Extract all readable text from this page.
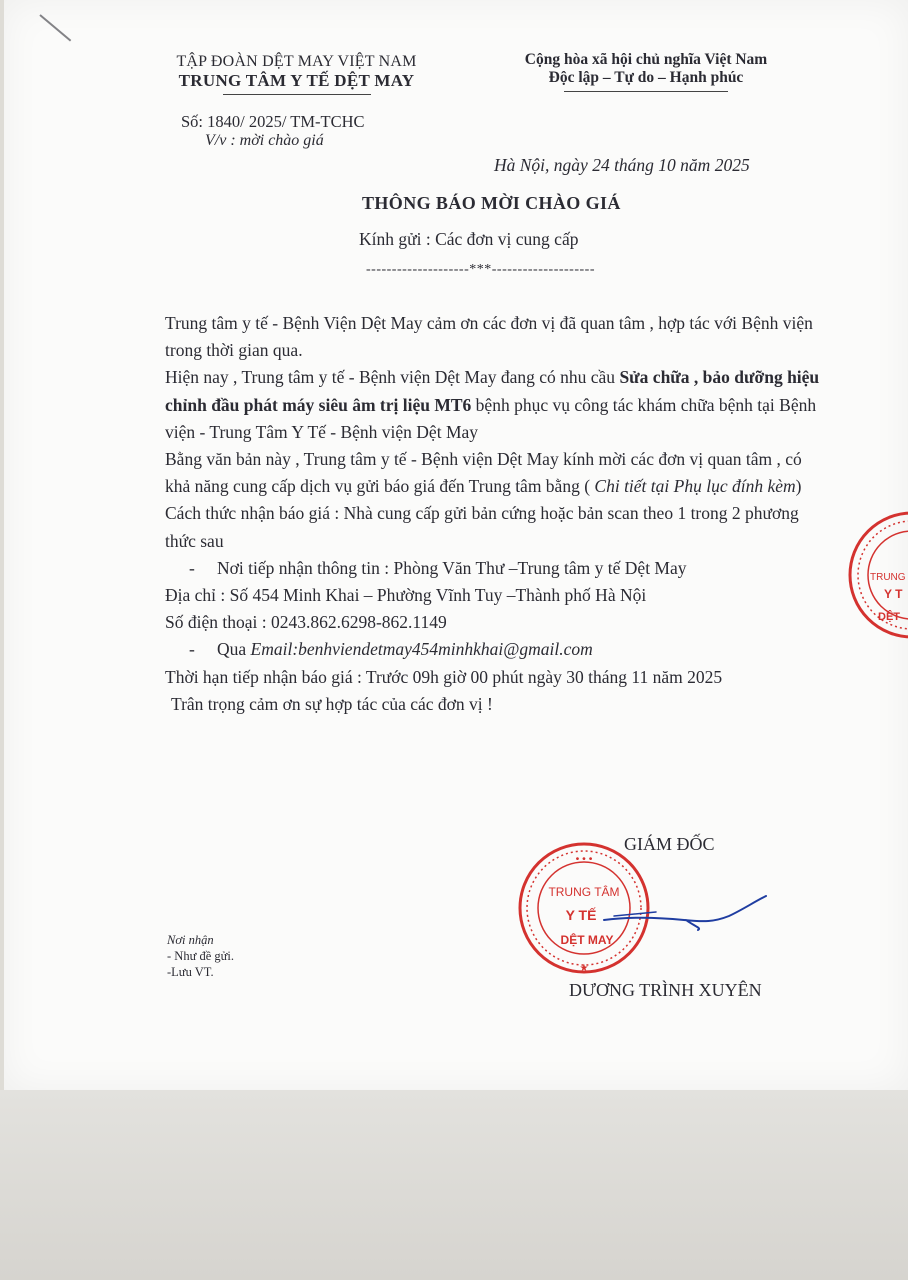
TẬP ĐOÀN DỆT MAY VIỆT NAM
TRUNG TÂM Y TẾ DỆT MAY
Cộng hòa xã hội chủ nghĩa Việt Nam
Độc lập – Tự do – Hạnh phúc
Số: 1840/ 2025/ TM-TCHC
V/v : mời chào giá
Hà Nội, ngày 24 tháng 10 năm 2025
THÔNG BÁO MỜI CHÀO GIÁ
Kính gửi : Các đơn vị cung cấp
--------------------***--------------------

Trung tâm y tế - Bệnh Viện Dệt May cảm ơn các đơn vị đã quan tâm , hợp tác với Bệnh viện trong thời gian qua.

Hiện nay , Trung tâm y tế - Bệnh viện Dệt May đang có nhu cầu Sửa chữa , bảo dưỡng hiệu chỉnh đầu phát máy siêu âm trị liệu MT6 bệnh phục vụ công tác khám chữa bệnh tại Bệnh viện - Trung Tâm Y Tế - Bệnh viện Dệt May

Bằng văn bản này , Trung tâm y tế - Bệnh viện Dệt May kính mời các đơn vị quan tâm , có khả năng cung cấp dịch vụ gửi báo giá đến Trung tâm bằng ( Chi tiết tại Phụ lục đính kèm)

Cách thức nhận báo giá : Nhà cung cấp gửi bản cứng hoặc bản scan theo 1 trong 2 phương thức sau

- Nơi tiếp nhận thông tin : Phòng Văn Thư –Trung tâm y tế Dệt May

Địa chỉ : Số 454 Minh Khai – Phường Vĩnh Tuy –Thành phố Hà Nội

Số điện thoại : 0243.862.6298-862.1149

- Qua Email:benhviendetmay454minhkhai@gmail.com

Thời hạn tiếp nhận báo giá : Trước 09h giờ 00 phút ngày 30 tháng 11 năm 2025

Trân trọng cảm ơn sự hợp tác của các đơn vị !

GIÁM ĐỐC
• • •
TRUNG TÂM
Y TẾ
DỆT MAY
★
DƯƠNG TRÌNH XUYÊN
TRUNG
Y T
DỆT
Nơi nhận
- Như đề gửi.
-Lưu VT.
